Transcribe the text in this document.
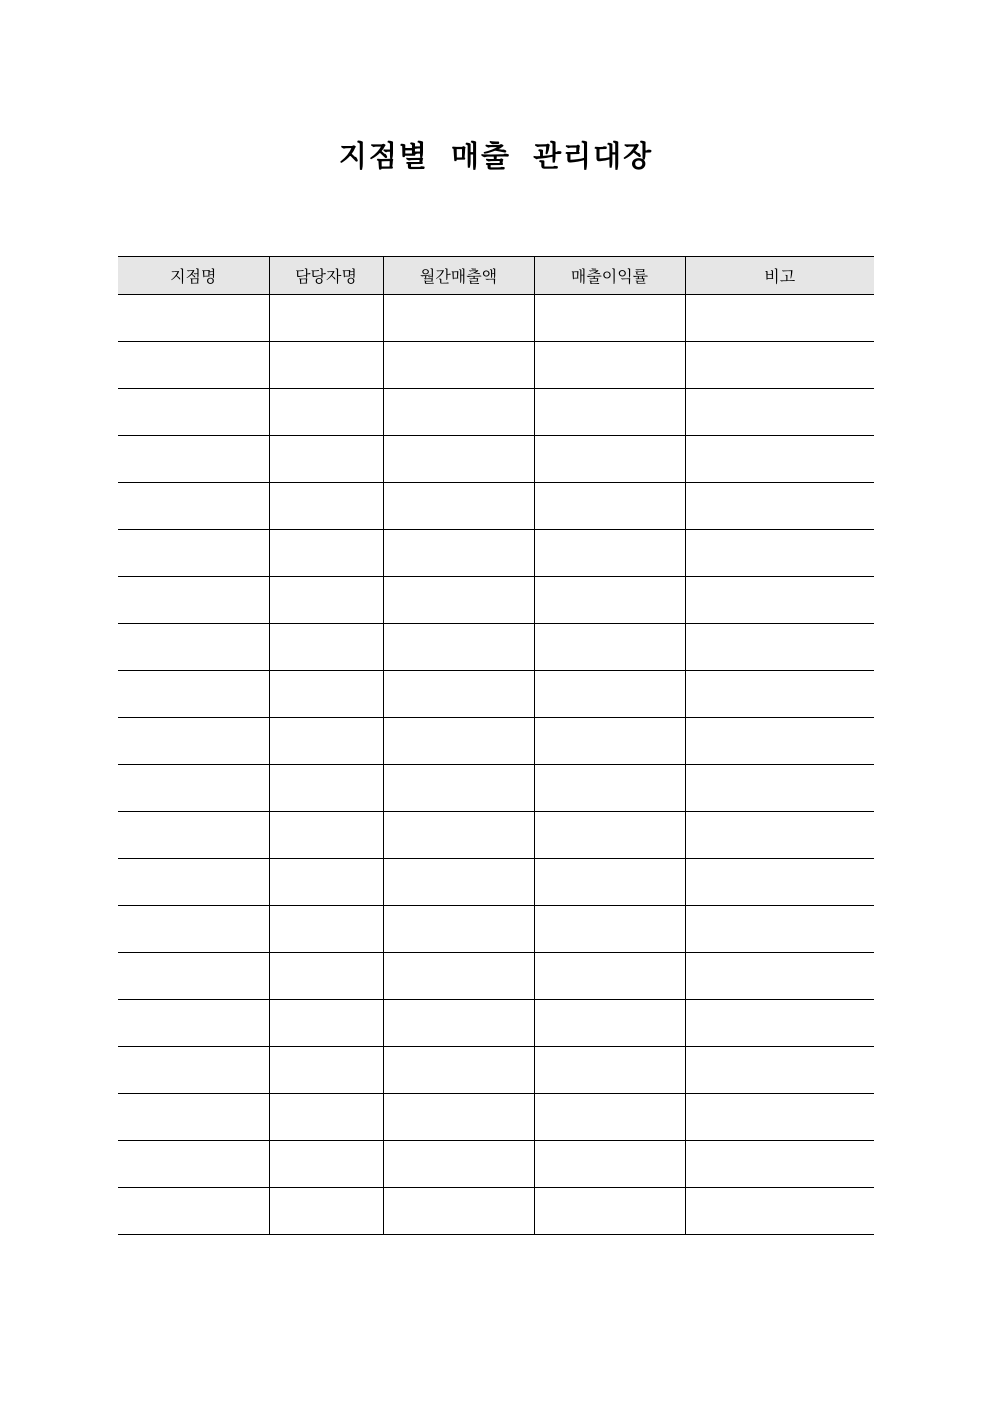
지점별 매출 관리대장
지점명	담당자명	월간매출액	매출이익률	비고
